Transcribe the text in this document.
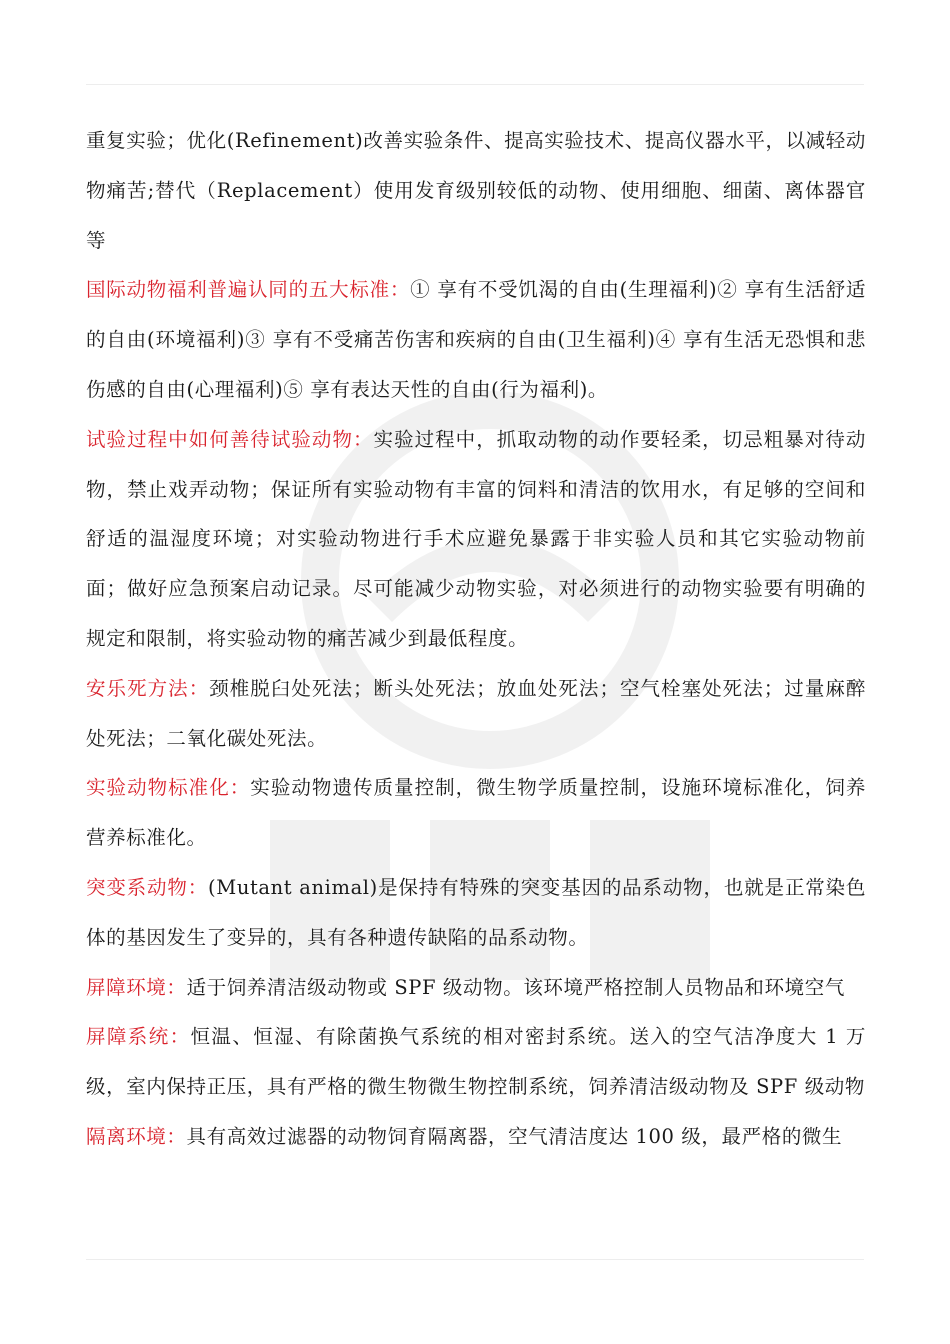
重复实验；优化(Refinement)改善实验条件、提高实验技术、提高仪器水平，以减轻动物痛苦;替代（Replacement）使用发育级别较低的动物、使用细胞、细菌、离体器官等

国际动物福利普遍认同的五大标准：① 享有不受饥渴的自由(生理福利)② 享有生活舒适的自由(环境福利)③ 享有不受痛苦伤害和疾病的自由(卫生福利)④ 享有生活无恐惧和悲伤感的自由(心理福利)⑤ 享有表达天性的自由(行为福利)。

试验过程中如何善待试验动物：实验过程中，抓取动物的动作要轻柔，切忌粗暴对待动物，禁止戏弄动物；保证所有实验动物有丰富的饲料和清洁的饮用水，有足够的空间和舒适的温湿度环境；对实验动物进行手术应避免暴露于非实验人员和其它实验动物前面；做好应急预案启动记录。尽可能减少动物实验，对必须进行的动物实验要有明确的规定和限制，将实验动物的痛苦减少到最低程度。

安乐死方法：颈椎脱臼处死法；断头处死法；放血处死法；空气栓塞处死法；过量麻醉处死法；二氧化碳处死法。

实验动物标准化：实验动物遗传质量控制，微生物学质量控制，设施环境标准化，饲养营养标准化。

突变系动物：(Mutant animal)是保持有特殊的突变基因的品系动物，也就是正常染色体的基因发生了变异的，具有各种遗传缺陷的品系动物。

屏障环境：适于饲养清洁级动物或 SPF 级动物。该环境严格控制人员物品和环境空气

屏障系统：恒温、恒湿、有除菌换气系统的相对密封系统。送入的空气洁净度大 1 万级，室内保持正压，具有严格的微生物微生物控制系统，饲养清洁级动物及 SPF 级动物

隔离环境：具有高效过滤器的动物饲育隔离器，空气清洁度达 100 级，最严格的微生
